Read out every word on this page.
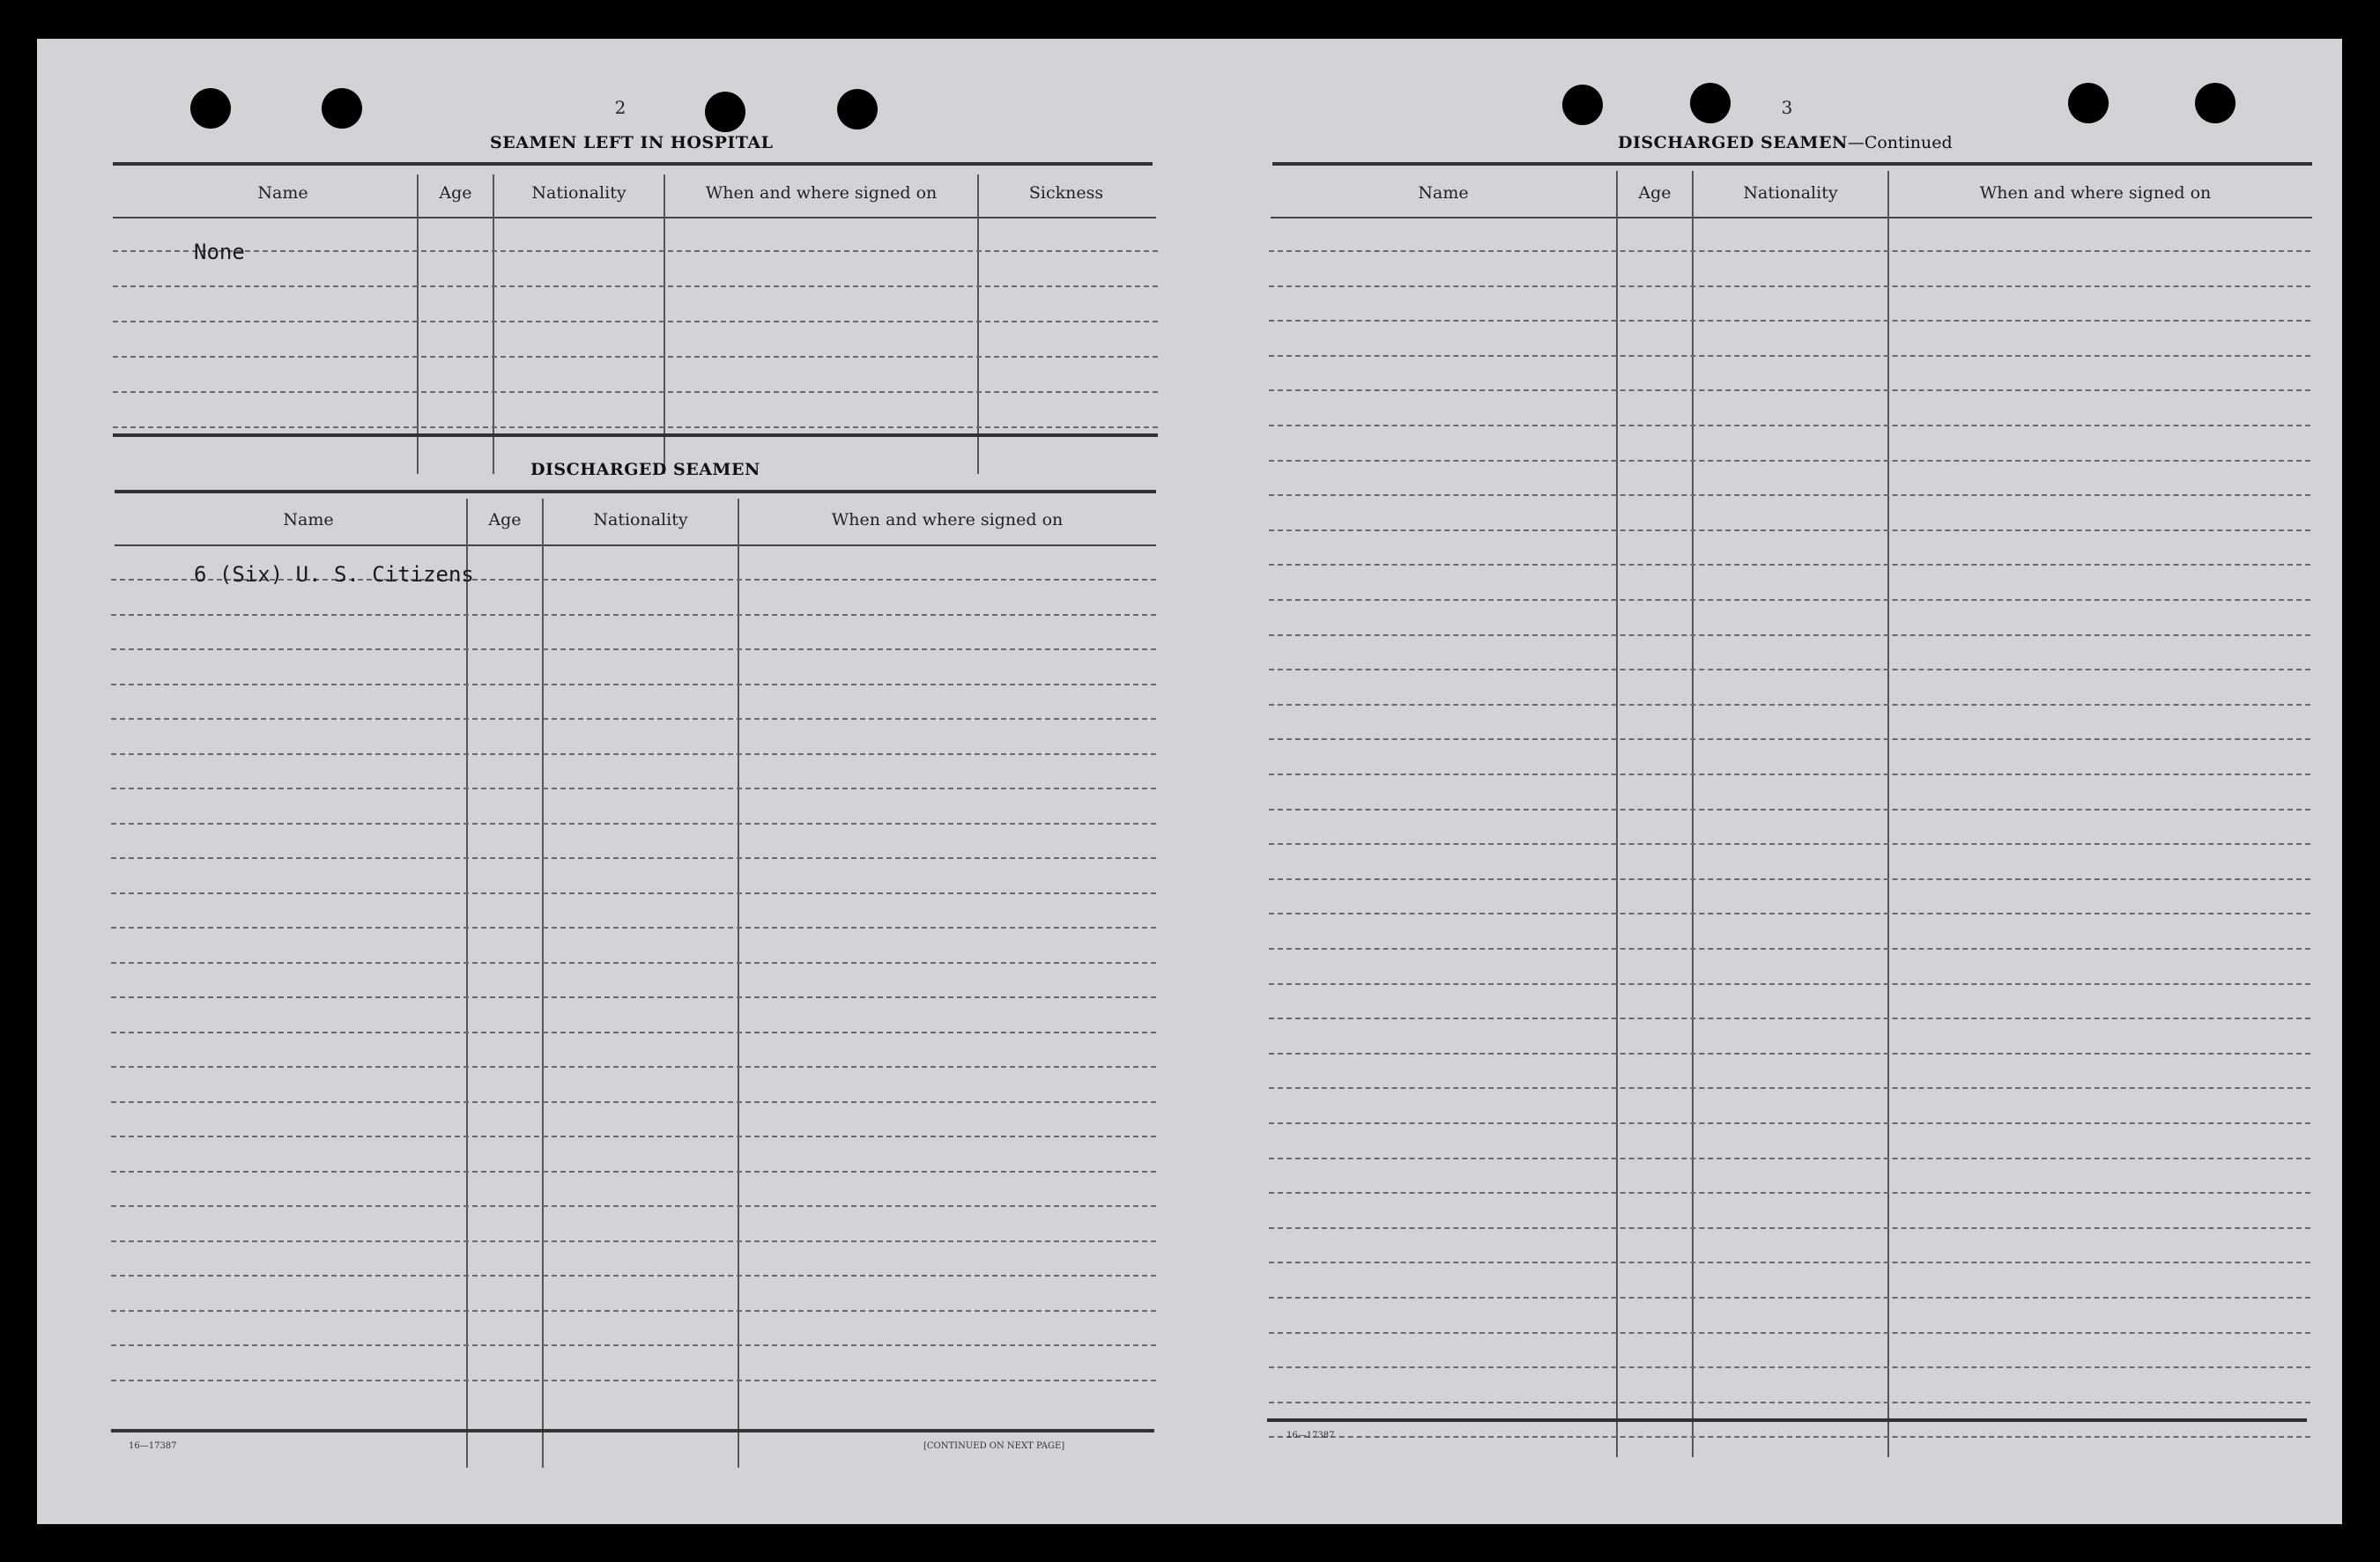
2
SEAMEN LEFT IN HOSPITAL
Name	Age	Nationality	When and where signed on	Sickness
None
DISCHARGED SEAMEN
Name	Age	Nationality	When and where signed on
6 (Six) U. S. Citizens
16—17387	[CONTINUED ON NEXT PAGE]
3
DISCHARGED SEAMEN—Continued
Name	Age	Nationality	When and where signed on
16—17387
